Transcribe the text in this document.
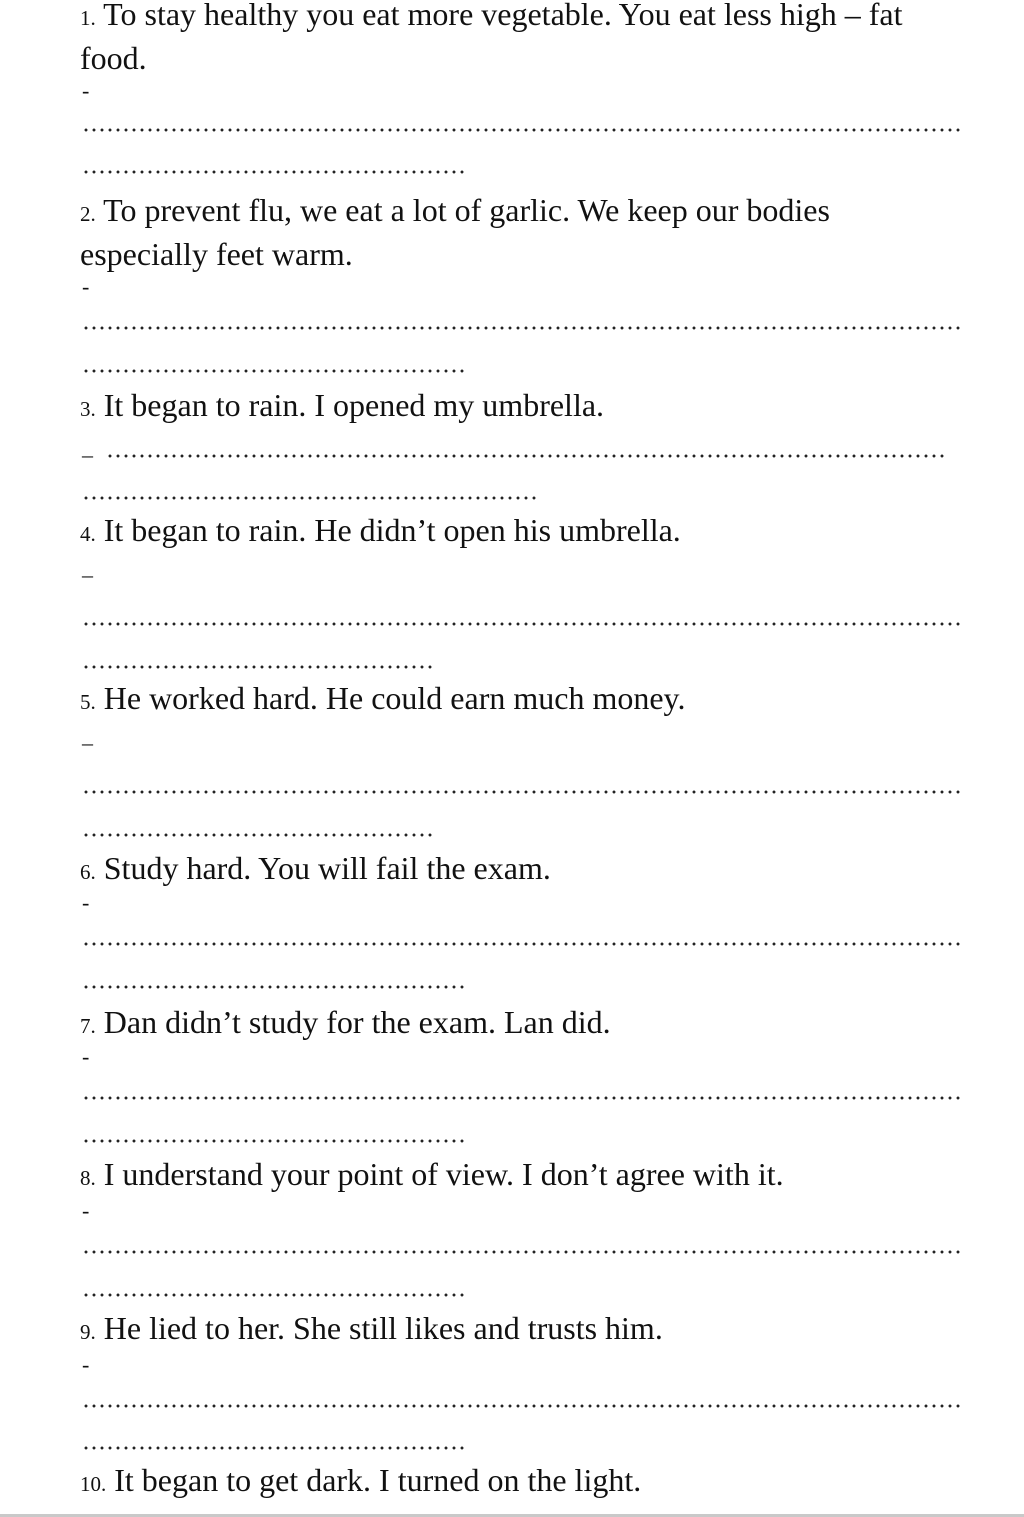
1. To stay healthy you eat more vegetable. You eat less high – fat food.
-
2. To prevent flu, we eat a lot of garlic. We keep our bodies especially feet warm.
-
3. It began to rain. I opened my umbrella.
–
4. It began to rain. He didn’t open his umbrella.
–
5. He worked hard. He could earn much money.
–
6. Study hard. You will fail the exam.
-
7. Dan didn’t study for the exam. Lan did.
-
8. I understand your point of view. I don’t agree with it.
-
9. He lied to her. She still likes and trusts him.
-
10. It began to get dark. I turned on the light.
